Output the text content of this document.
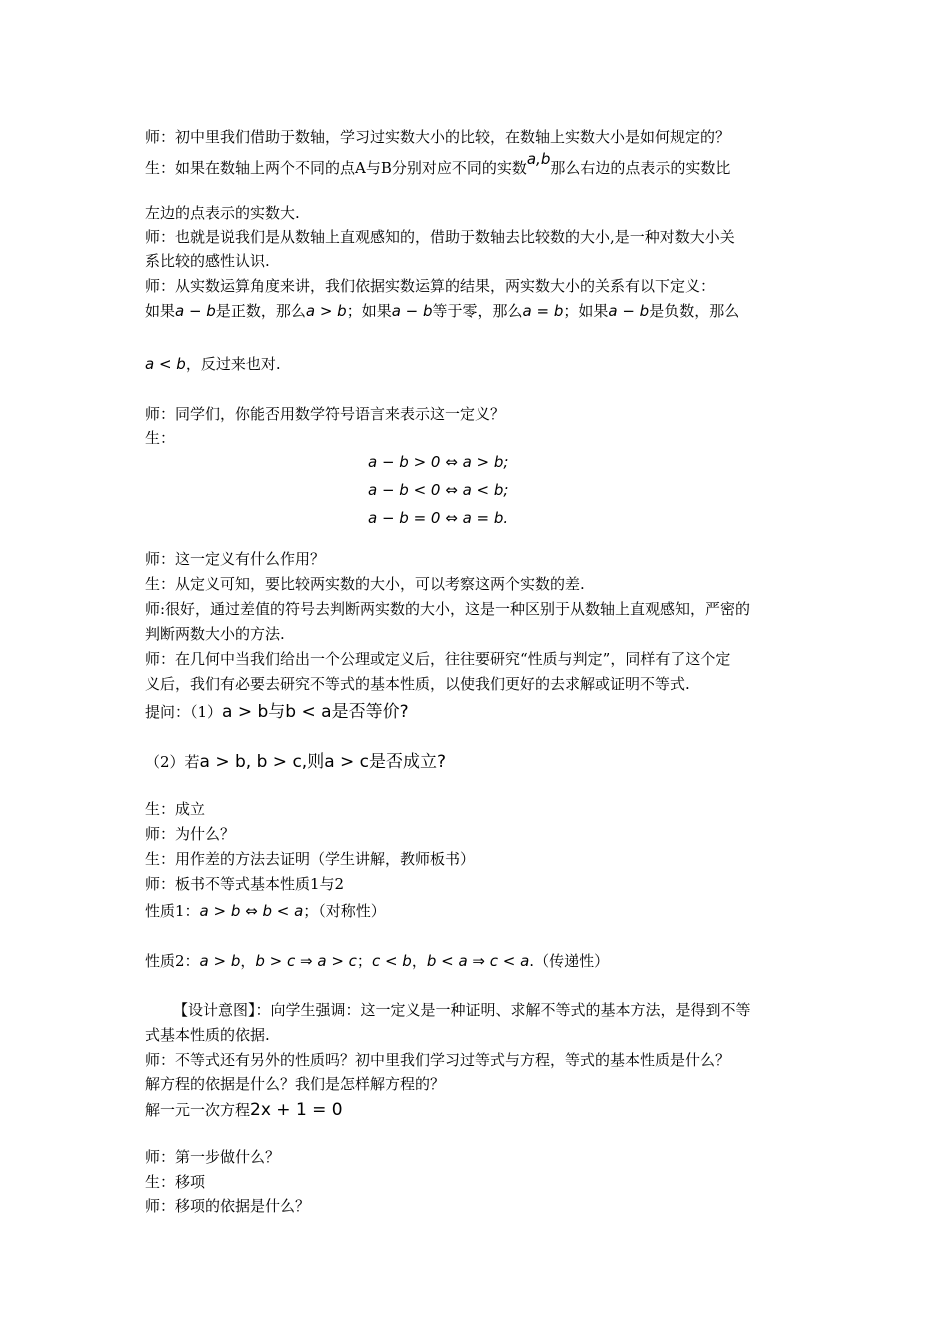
师：初中里我们借助于数轴，学习过实数大小的比较，在数轴上实数大小是如何规定的？
生：如果在数轴上两个不同的点A与B分别对应不同的实数a,b那么右边的点表示的实数比
左边的点表示的实数大.
师：也就是说我们是从数轴上直观感知的，借助于数轴去比较数的大小,是一种对数大小关
系比较的感性认识.
师：从实数运算角度来讲，我们依据实数运算的结果，两实数大小的关系有以下定义：
如果a − b是正数，那么a > b；如果a − b等于零，那么a = b；如果a − b是负数，那么
a < b，反过来也对.
师：同学们，你能否用数学符号语言来表示这一定义？
生：
a − b > 0 ⇔ a > b;
a − b < 0 ⇔ a < b;
a − b = 0 ⇔ a = b.
师：这一定义有什么作用？
生：从定义可知，要比较两实数的大小，可以考察这两个实数的差.
师:很好，通过差值的符号去判断两实数的大小，这是一种区别于从数轴上直观感知，严密的
判断两数大小的方法.
师：在几何中当我们给出一个公理或定义后，往往要研究“性质与判定”，同样有了这个定
义后，我们有必要去研究不等式的基本性质，以使我们更好的去求解或证明不等式.
提问：（1）a > b与b < a是否等价?
（2）若a > b, b > c,则a > c是否成立?
生：成立
师：为什么？
生：用作差的方法去证明（学生讲解，教师板书）
师：板书不等式基本性质1与2
性质1：a > b ⇔ b < a；（对称性）
性质2：a > b，b > c ⇒ a > c；c < b，b < a ⇒ c < a.（传递性）
【设计意图】：向学生强调：这一定义是一种证明、求解不等式的基本方法，是得到不等
式基本性质的依据.
师：不等式还有另外的性质吗？初中里我们学习过等式与方程，等式的基本性质是什么？
解方程的依据是什么？我们是怎样解方程的？
解一元一次方程2x + 1 = 0
师：第一步做什么？
生：移项
师：移项的依据是什么？
